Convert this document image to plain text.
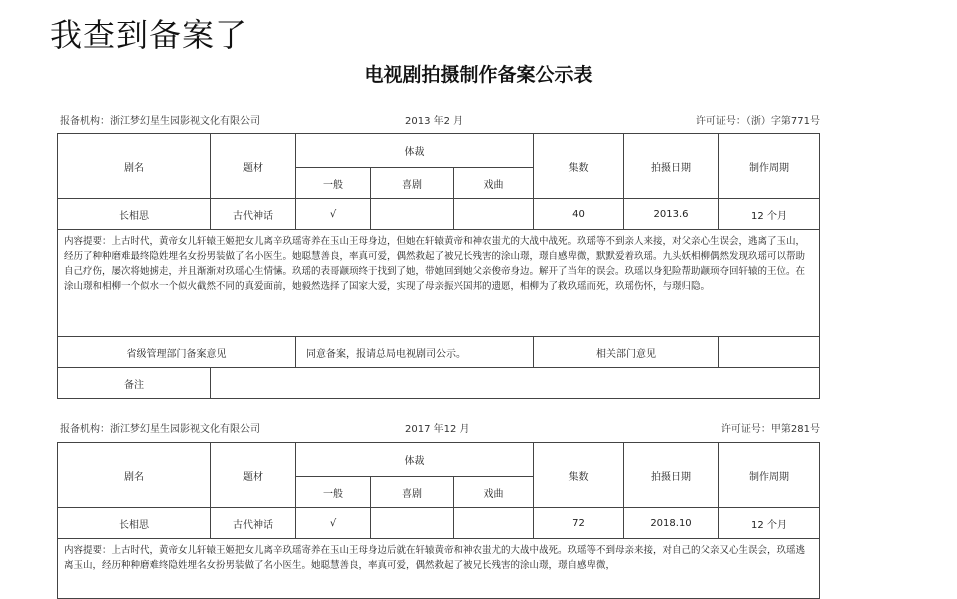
我查到备案了
电视剧拍摄制作备案公示表
报备机构：浙江梦幻星生园影视文化有限公司	2013 年2 月	许可证号：（浙）字第771号
剧名	题材	体裁			集数	拍摄日期	制作周期
		一般	喜剧	戏曲			
长相思	古代神话	√			40	2013.6	12 个月
内容提要：上古时代，黄帝女儿轩辕王姬把女儿离辛玖瑶寄养在玉山王母身边，但她在轩辕黄帝和神农蚩尤的大战中战死。玖瑶等不到亲人来接，对父亲心生误会，逃离了玉山，经历了种种磨难最终隐姓埋名女扮男装做了名小医生。她聪慧善良，率真可爱，偶然救起了被兄长残害的涂山璟，璟自感卑微，默默爱着玖瑶。九头妖相柳偶然发现玖瑶可以帮助自己疗伤，屡次将她掳走，并且渐渐对玖瑶心生情愫。玖瑶的表哥颛顼终于找到了她，带她回到她父亲俊帝身边。解开了当年的误会。玖瑶以身犯险帮助颛顼夺回轩辕的王位。在涂山璟和相柳一个似水一个似火截然不同的真爱面前，她毅然选择了国家大爱，实现了母亲振兴国邦的遗愿，相柳为了救玖瑶而死，玖瑶伤怀，与璟归隐。							
省级管理部门备案意见		同意备案，报请总局电视剧司公示。			相关部门意见		
备注							
报备机构：浙江梦幻星生园影视文化有限公司	2017 年12 月	许可证号：甲第281号
剧名	题材	体裁			集数	拍摄日期	制作周期
		一般	喜剧	戏曲			
长相思	古代神话	√			72	2018.10	12 个月
内容提要：上古时代，黄帝女儿轩辕王姬把女儿离辛玖瑶寄养在玉山王母身边后就在轩辕黄帝和神农蚩尤的大战中战死。玖瑶等不到母亲来接，对自己的父亲又心生误会，玖瑶逃离玉山，经历种种磨难终隐姓埋名女扮男装做了名小医生。她聪慧善良，率真可爱，偶然救起了被兄长残害的涂山璟，璟自感卑微，							
